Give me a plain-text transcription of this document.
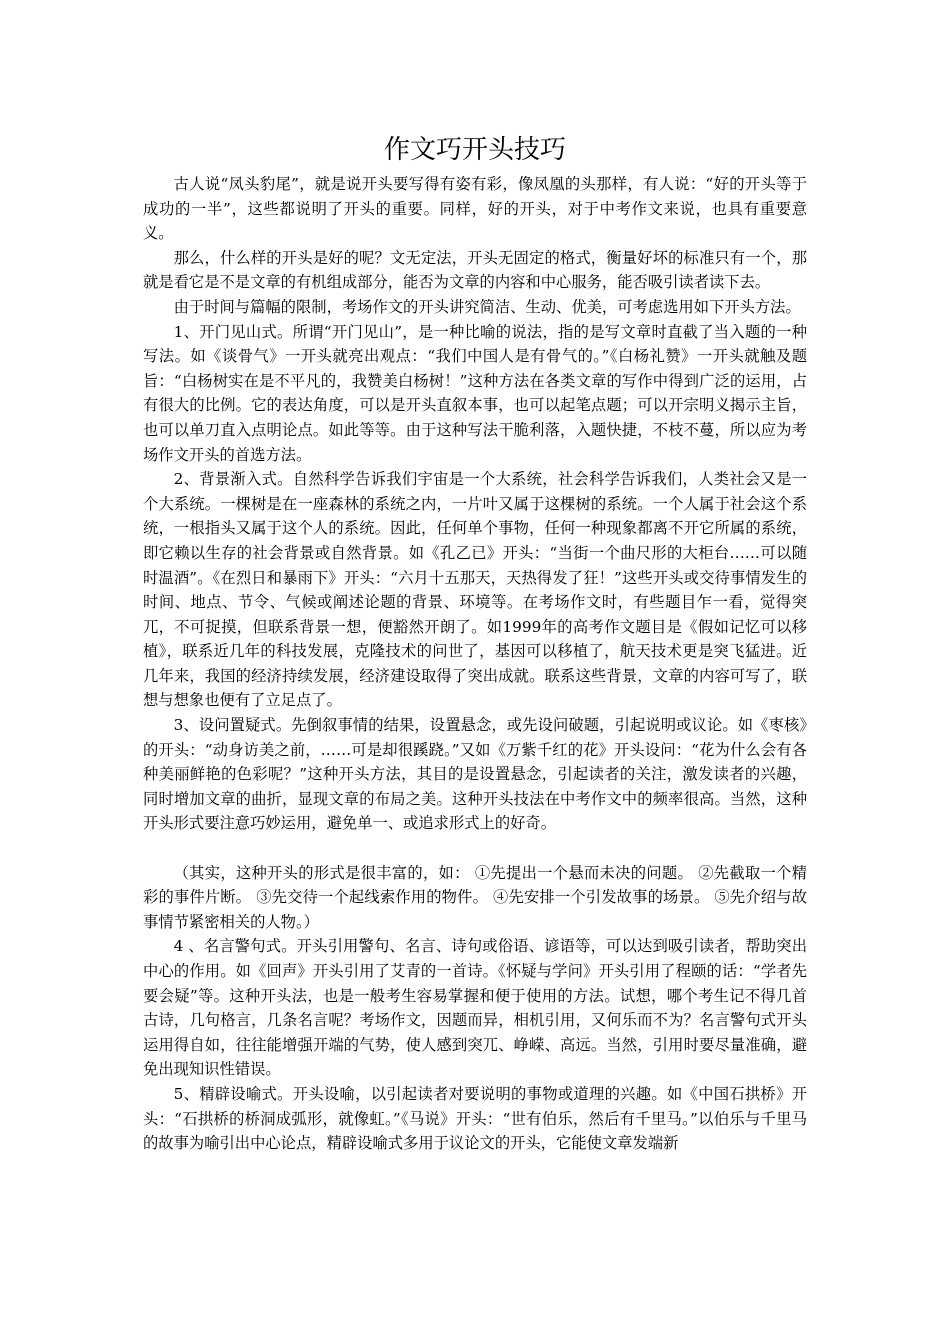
作文巧开头技巧

古人说“凤头豹尾”，就是说开头要写得有姿有彩，像凤凰的头那样，有人说：“好的开头等于成功的一半”，这些都说明了开头的重要。同样，好的开头，对于中考作文来说，也具有重要意义。

那么，什么样的开头是好的呢？文无定法，开头无固定的格式，衡量好坏的标准只有一个，那就是看它是不是文章的有机组成部分，能否为文章的内容和中心服务，能否吸引读者读下去。

由于时间与篇幅的限制，考场作文的开头讲究简洁、生动、优美，可考虑选用如下开头方法。

1、开门见山式。所谓“开门见山”，是一种比喻的说法，指的是写文章时直截了当入题的一种写法。如《谈骨气》一开头就亮出观点：“我们中国人是有骨气的。”《白杨礼赞》一开头就触及题旨：“白杨树实在是不平凡的，我赞美白杨树！”这种方法在各类文章的写作中得到广泛的运用，占有很大的比例。它的表达角度，可以是开头直叙本事，也可以起笔点题；可以开宗明义揭示主旨，也可以单刀直入点明论点。如此等等。由于这种写法干脆利落，入题快捷，不枝不蔓，所以应为考场作文开头的首选方法。

2、背景渐入式。自然科学告诉我们宇宙是一个大系统，社会科学告诉我们，人类社会又是一个大系统。一棵树是在一座森林的系统之内，一片叶又属于这棵树的系统。一个人属于社会这个系统，一根指头又属于这个人的系统。因此，任何单个事物，任何一种现象都离不开它所属的系统，即它赖以生存的社会背景或自然背景。如《孔乙已》开头：“当街一个曲尺形的大柜台……可以随时温酒”。《在烈日和暴雨下》开头：“六月十五那天，天热得发了狂！”这些开头或交待事情发生的时间、地点、节令、气候或阐述论题的背景、环境等。在考场作文时，有些题目乍一看，觉得突兀，不可捉摸，但联系背景一想，便豁然开朗了。如1999年的高考作文题目是《假如记忆可以移植》，联系近几年的科技发展，克隆技术的问世了，基因可以移植了，航天技术更是突飞猛进。近几年来，我国的经济持续发展，经济建设取得了突出成就。联系这些背景，文章的内容可写了，联想与想象也便有了立足点了。

3、设问置疑式。先倒叙事情的结果，设置悬念，或先设问破题，引起说明或议论。如《枣核》的开头：“动身访美之前，……可是却很蹊跷。”又如《万紫千红的花》开头设问：“花为什么会有各种美丽鲜艳的色彩呢？”这种开头方法，其目的是设置悬念，引起读者的关注，激发读者的兴趣，同时增加文章的曲折，显现文章的布局之美。这种开头技法在中考作文中的频率很高。当然，这种开头形式要注意巧妙运用，避免单一、或追求形式上的好奇。

（其实，这种开头的形式是很丰富的，如： ①先提出一个悬而未决的问题。 ②先截取一个精彩的事件片断。 ③先交待一个起线索作用的物件。 ④先安排一个引发故事的场景。 ⑤先介绍与故事情节紧密相关的人物。）

4 、名言警句式。开头引用警句、名言、诗句或俗语、谚语等，可以达到吸引读者，帮助突出中心的作用。如《回声》开头引用了艾青的一首诗。《怀疑与学问》开头引用了程颐的话：“学者先要会疑”等。这种开头法，也是一般考生容易掌握和便于使用的方法。试想，哪个考生记不得几首古诗，几句格言，几条名言呢？考场作文，因题而异，相机引用，又何乐而不为？名言警句式开头运用得自如，往往能增强开端的气势，使人感到突兀、峥嵘、高远。当然，引用时要尽量准确，避免出现知识性错误。

5、精辟设喻式。开头设喻，以引起读者对要说明的事物或道理的兴趣。如《中国石拱桥》开头：“石拱桥的桥洞成弧形，就像虹。”《马说》开头：“世有伯乐，然后有千里马。”以伯乐与千里马的故事为喻引出中心论点，精辟设喻式多用于议论文的开头，它能使文章发端新
